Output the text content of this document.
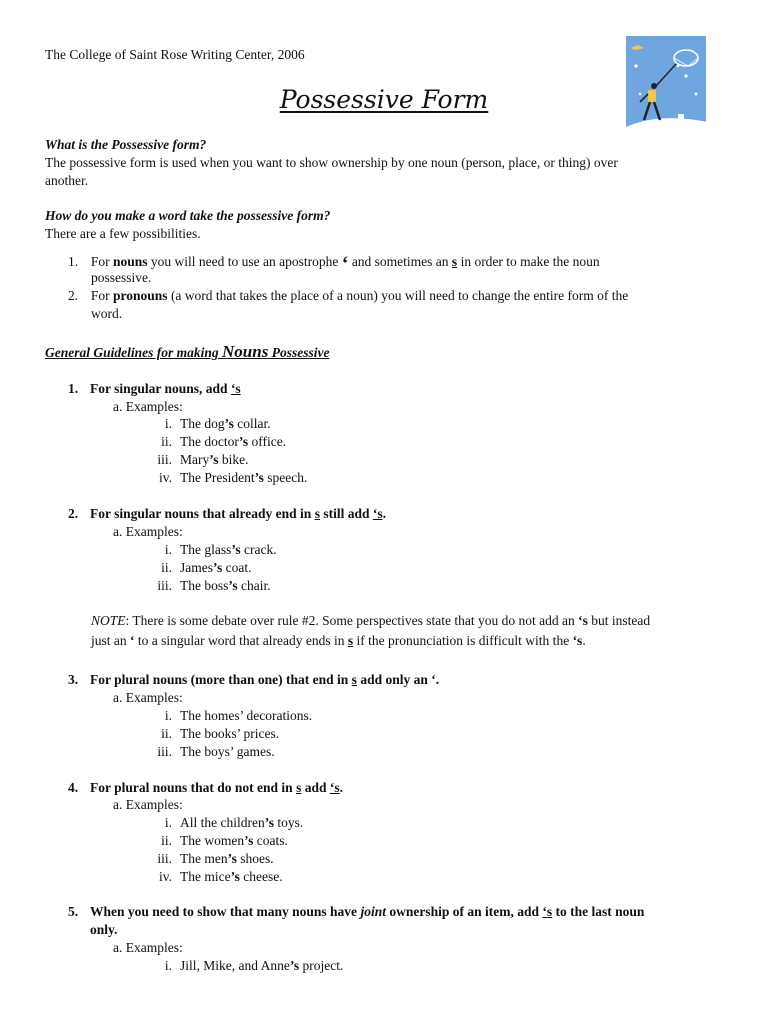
The College of Saint Rose Writing Center, 2006
Possessive Form
What is the Possessive form?
The possessive form is used when you want to show ownership by one noun (person, place, or thing) over
another.
How do you make a word take the possessive form?
There are a few possibilities.
1. For nouns you will need to use an apostrophe ‘ and sometimes an s in order to make the noun
possessive.
2. For pronouns (a word that takes the place of a noun) you will need to change the entire form of the
word.
General Guidelines for making Nouns Possessive
1. For singular nouns, add ‘s
a. Examples:
i. The dog’s collar.
ii. The doctor’s office.
iii. Mary’s bike.
iv. The President’s speech.
2. For singular nouns that already end in s still add ‘s.
a. Examples:
i. The glass’s crack.
ii. James’s coat.
iii. The boss’s chair.
NOTE: There is some debate over rule #2. Some perspectives state that you do not add an ‘s but instead
just an ‘ to a singular word that already ends in s if the pronunciation is difficult with the ‘s.
3. For plural nouns (more than one) that end in s add only an ‘.
a. Examples:
i. The homes’ decorations.
ii. The books’ prices.
iii. The boys’ games.
4. For plural nouns that do not end in s add ‘s.
a. Examples:
i. All the children’s toys.
ii. The women’s coats.
iii. The men’s shoes.
iv. The mice’s cheese.
5. When you need to show that many nouns have joint ownership of an item, add ‘s to the last noun
only.
a. Examples:
i. Jill, Mike, and Anne’s project.
